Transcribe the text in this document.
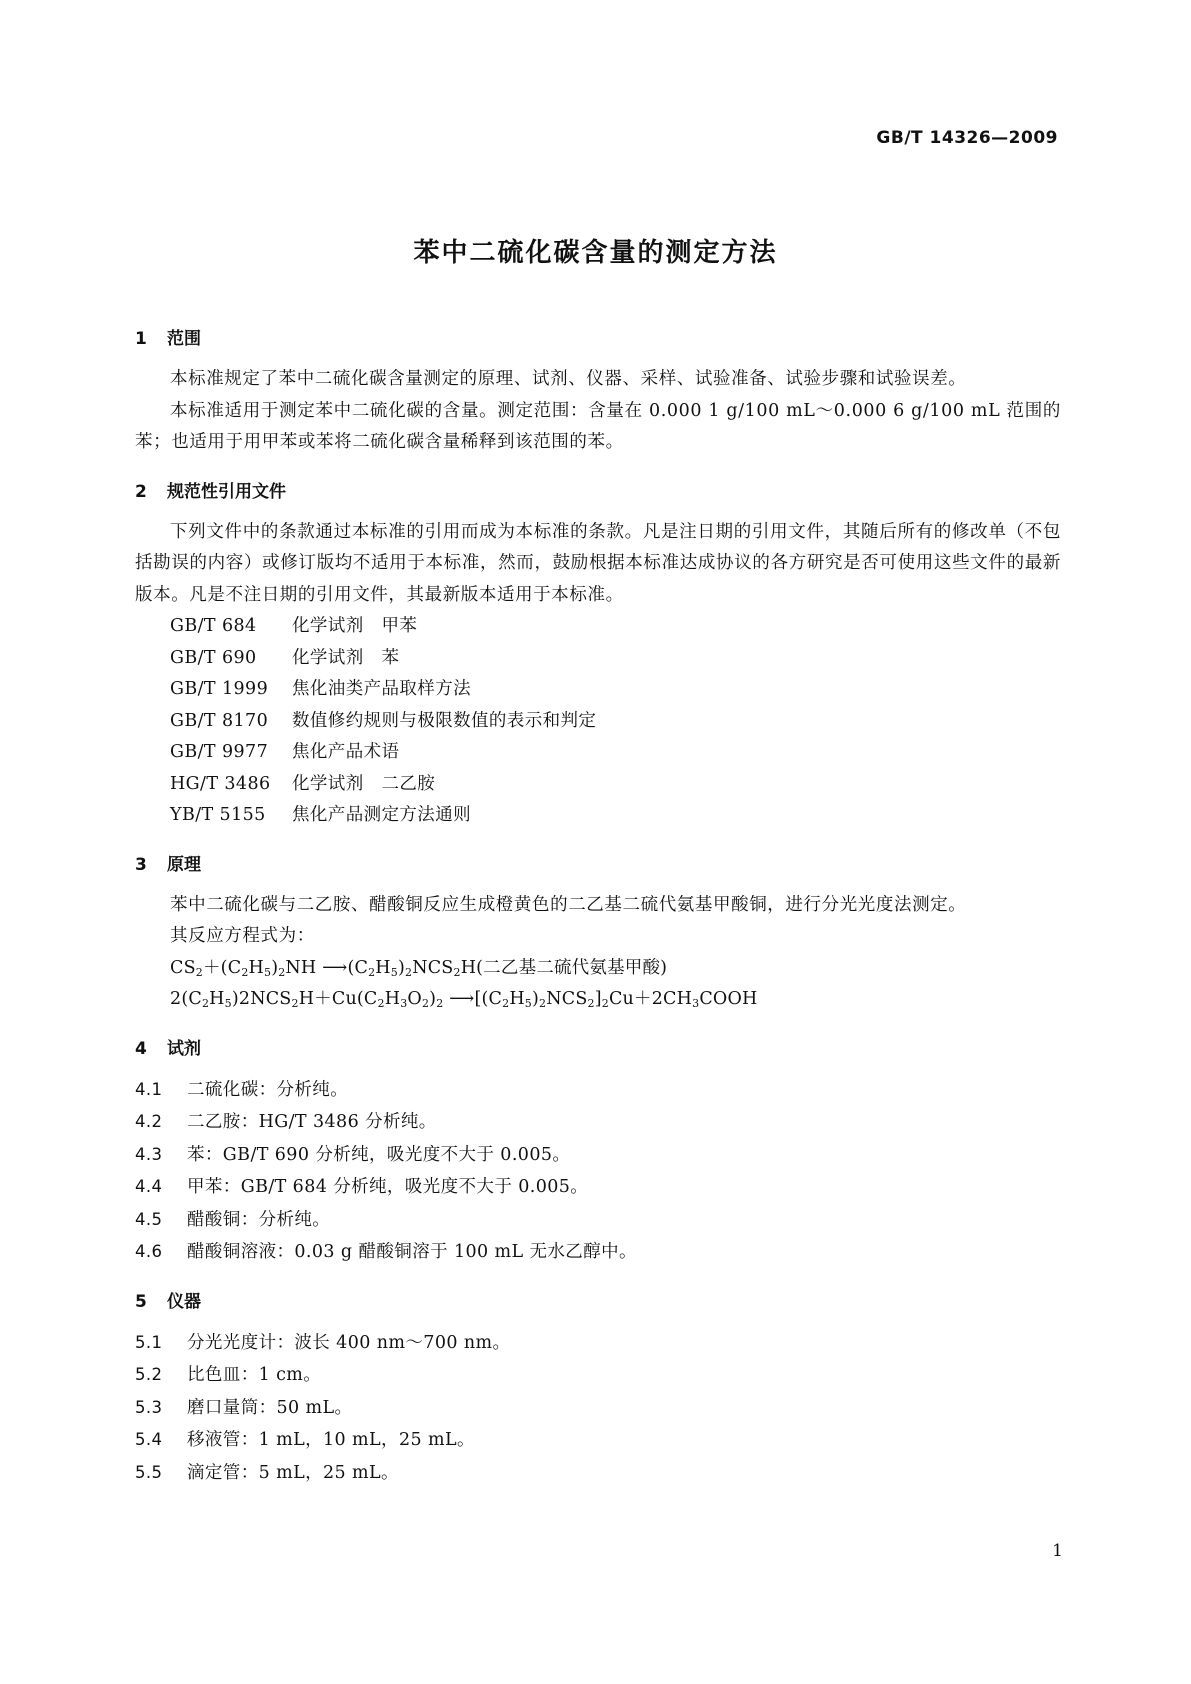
GB/T 14326—2009
苯中二硫化碳含量的测定方法
1 范围

本标准规定了苯中二硫化碳含量测定的原理、试剂、仪器、采样、试验准备、试验步骤和试验误差。

本标准适用于测定苯中二硫化碳的含量。测定范围：含量在 0.000 1 g/100 mL～0.000 6 g/100 mL 范围的苯；也适用于用甲苯或苯将二硫化碳含量稀释到该范围的苯。

2 规范性引用文件

下列文件中的条款通过本标准的引用而成为本标准的条款。凡是注日期的引用文件，其随后所有的修改单（不包括勘误的内容）或修订版均不适用于本标准，然而，鼓励根据本标准达成协议的各方研究是否可使用这些文件的最新版本。凡是不注日期的引用文件，其最新版本适用于本标准。

GB/T 684 化学试剂　甲苯

GB/T 690 化学试剂　苯

GB/T 1999 焦化油类产品取样方法

GB/T 8170 数值修约规则与极限数值的表示和判定

GB/T 9977 焦化产品术语

HG/T 3486 化学试剂　二乙胺

YB/T 5155 焦化产品测定方法通则

3 原理

苯中二硫化碳与二乙胺、醋酸铜反应生成橙黄色的二乙基二硫代氨基甲酸铜，进行分光光度法测定。

其反应方程式为：

$CS_2+(C_2H_5)_2NH$ $⟶(C_2H_5)_2NCS_2H$(二乙基二硫代氨基甲酸)

$2(C_2H_5)2NCS_2H+Cu(C_2H_3O_2)_2$ $⟶[(C_2H_5)_2NCS_2]_2Cu+2CH_3COOH$

4 试剂

4.1 二硫化碳：分析纯。

4.2 二乙胺：HG/T 3486 分析纯。

4.3 苯：GB/T 690 分析纯，吸光度不大于 0.005。

4.4 甲苯：GB/T 684 分析纯，吸光度不大于 0.005。

4.5 醋酸铜：分析纯。

4.6 醋酸铜溶液：0.03 g 醋酸铜溶于 100 mL 无水乙醇中。

5 仪器

5.1 分光光度计：波长 400 nm～700 nm。

5.2 比色皿：1 cm。

5.3 磨口量筒：50 mL。

5.4 移液管：1 mL，10 mL，25 mL。

5.5 滴定管：5 mL，25 mL。

1
